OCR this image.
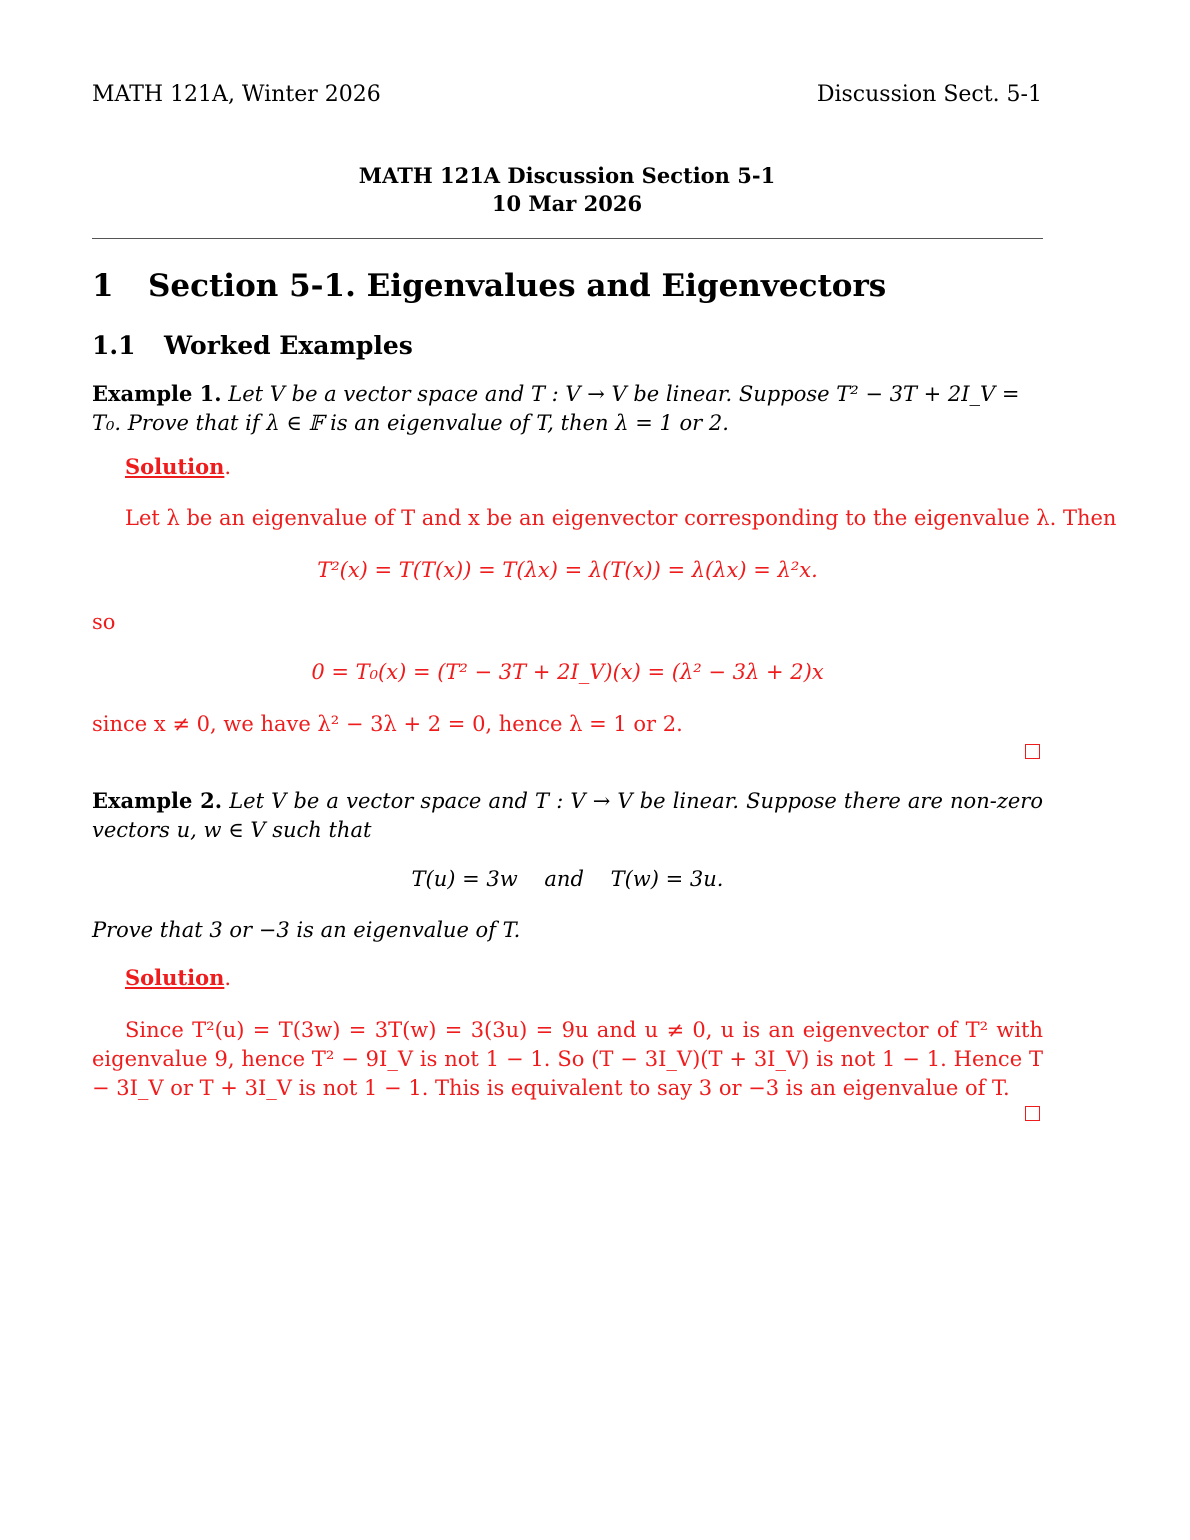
MATH 121A, Winter 2026	Discussion Sect. 5-1
MATH 121A Discussion Section 5-1
10 Mar 2026
1 Section 5-1. Eigenvalues and Eigenvectors
1.1 Worked Examples
Example 1. Let V be a vector space and T : V → V be linear. Suppose T² − 3T + 2I_V = T₀. Prove that if λ ∈ 𝔽 is an eigenvalue of T, then λ = 1 or 2.
Solution.
Let λ be an eigenvalue of T and x be an eigenvector corresponding to the eigenvalue λ. Then
T²(x) = T(T(x)) = T(λx) = λ(T(x)) = λ(λx) = λ²x.
so
0 = T₀(x) = (T² − 3T + 2I_V)(x) = (λ² − 3λ + 2)x
since x ≠ 0, we have λ² − 3λ + 2 = 0, hence λ = 1 or 2.
Example 2. Let V be a vector space and T : V → V be linear. Suppose there are non-zero vectors u, w ∈ V such that
T(u) = 3w    and    T(w) = 3u.
Prove that 3 or −3 is an eigenvalue of T.
Solution.
Since T²(u) = T(3w) = 3T(w) = 3(3u) = 9u and u ≠ 0, u is an eigenvector of T² with eigenvalue 9, hence T² − 9I_V is not 1 − 1. So (T − 3I_V)(T + 3I_V) is not 1 − 1. Hence T − 3I_V or T + 3I_V is not 1 − 1. This is equivalent to say 3 or −3 is an eigenvalue of T.
